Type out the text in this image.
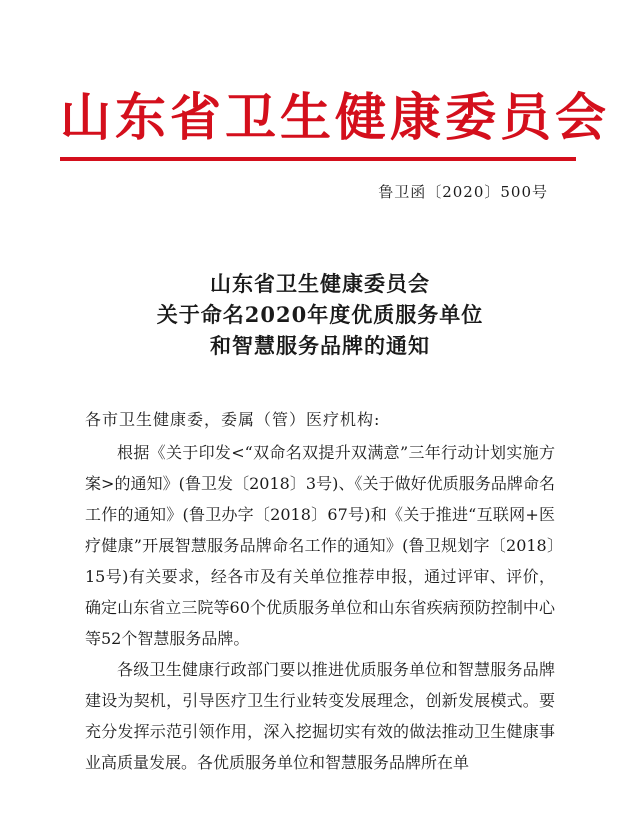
山东省卫生健康委员会
鲁卫函〔2020〕500号
山东省卫生健康委员会
关于命名2020年度优质服务单位
和智慧服务品牌的通知
各市卫生健康委，委属（管）医疗机构:

根据《关于印发<“双命名双提升双满意”三年行动计划实施方案>的通知》(鲁卫发〔2018〕3号)、《关于做好优质服务品牌命名工作的通知》(鲁卫办字〔2018〕67号)和《关于推进“互联网+医疗健康”开展智慧服务品牌命名工作的通知》(鲁卫规划字〔2018〕15号)有关要求，经各市及有关单位推荐申报，通过评审、评价，确定山东省立三院等60个优质服务单位和山东省疾病预防控制中心等52个智慧服务品牌。

各级卫生健康行政部门要以推进优质服务单位和智慧服务品牌建设为契机，引导医疗卫生行业转变发展理念，创新发展模式。要充分发挥示范引领作用，深入挖掘切实有效的做法推动卫生健康事业高质量发展。各优质服务单位和智慧服务品牌所在单
